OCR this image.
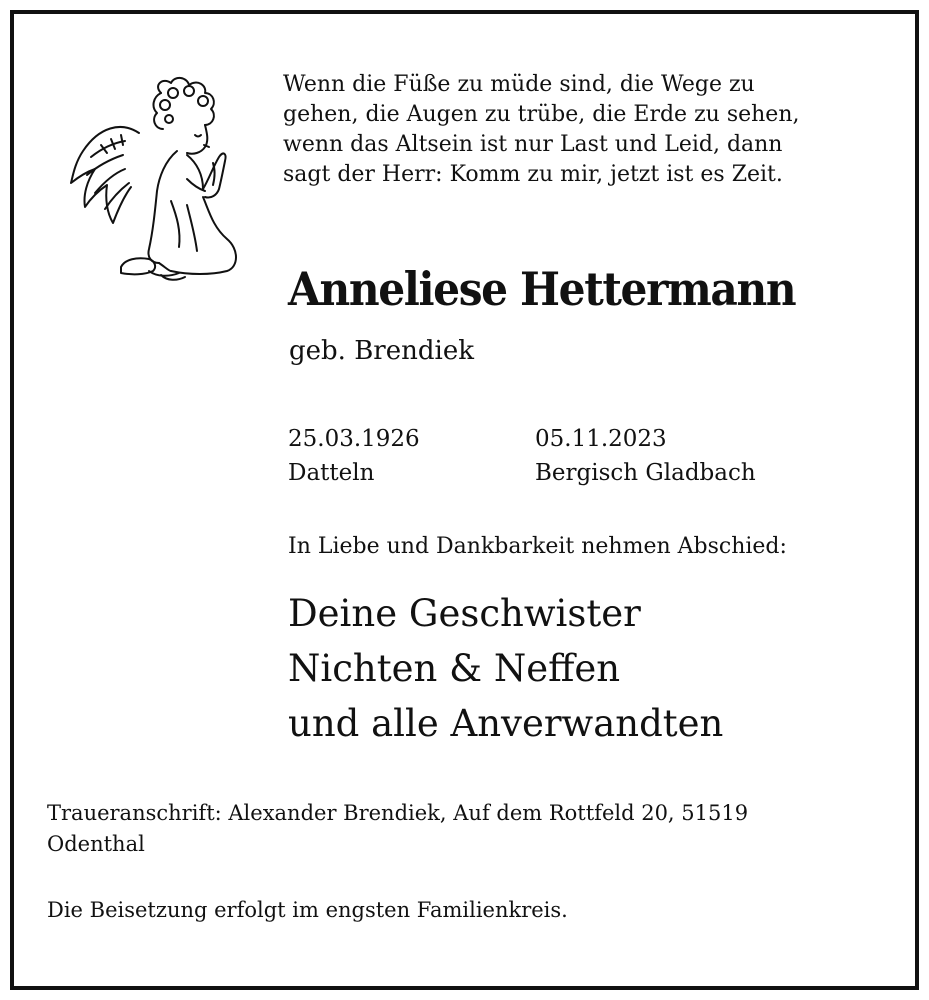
Wenn die Füße zu müde sind, die Wege zu
gehen, die Augen zu trübe, die Erde zu sehen,
wenn das Altsein ist nur Last und Leid, dann
sagt der Herr: Komm zu mir, jetzt ist es Zeit.
Anneliese Hettermann
geb. Brendiek
25.03.1926
Datteln
05.11.2023
Bergisch Gladbach
In Liebe und Dankbarkeit nehmen Abschied:
Deine Geschwister
Nichten & Neffen
und alle Anverwandten
Traueranschrift: Alexander Brendiek, Auf dem Rottfeld 20, 51519
Odenthal
Die Beisetzung erfolgt im engsten Familienkreis.
